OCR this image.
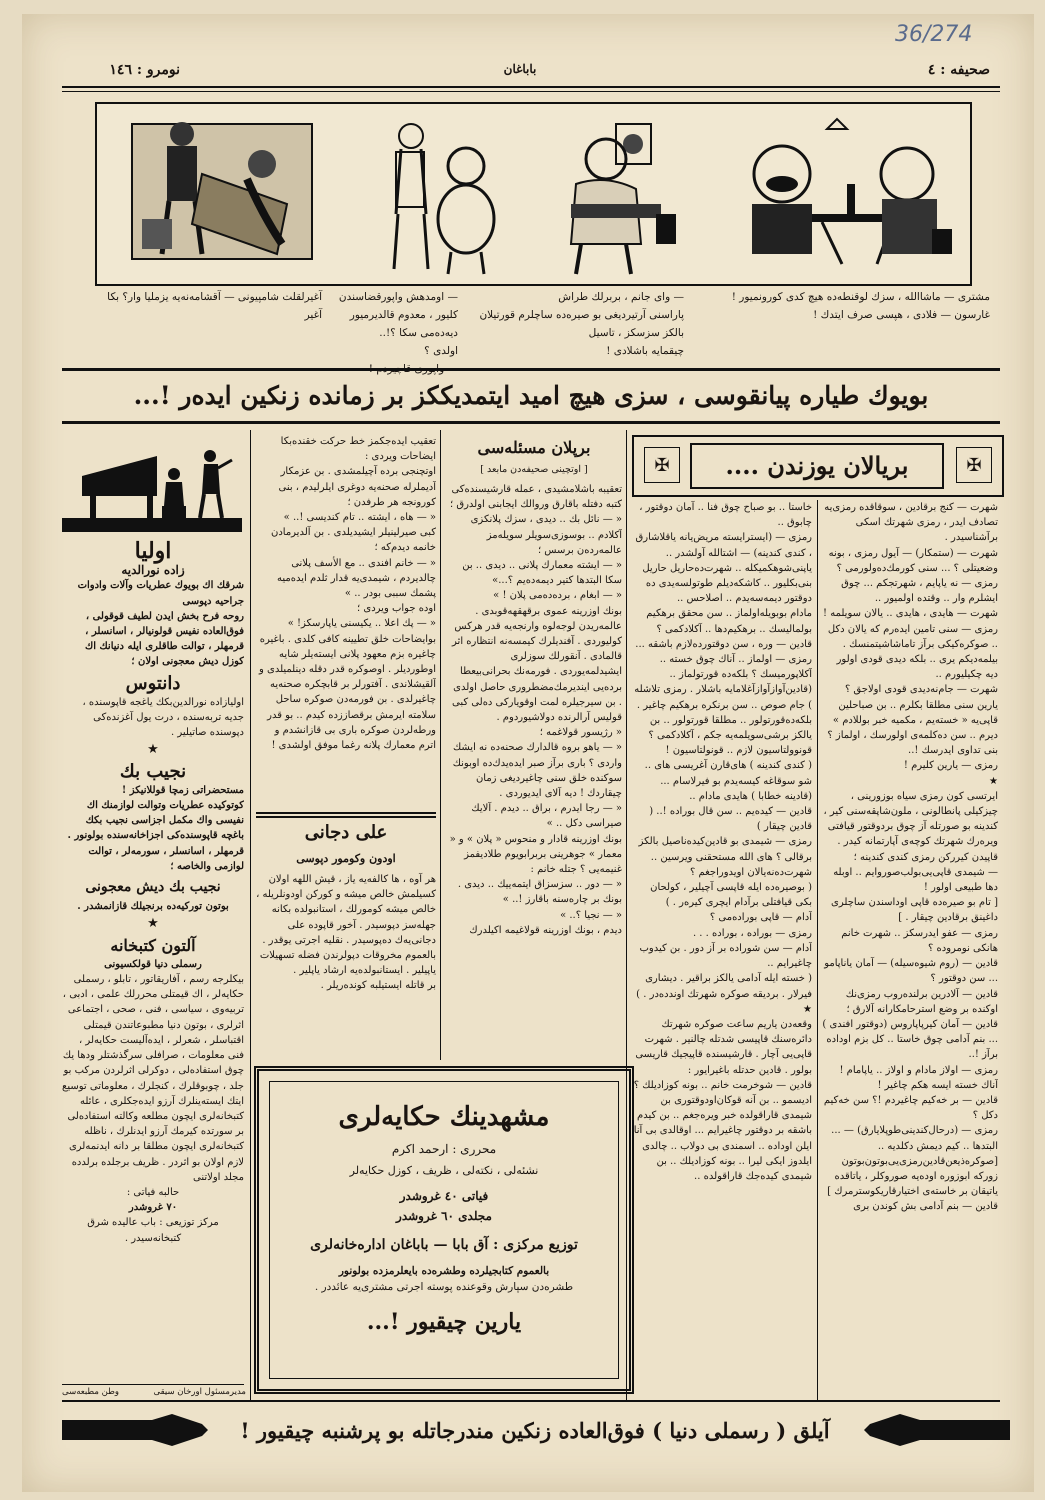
36/274
صحيفه : ٤
باباغان
نومرو : ١٤٦
مشتری — ماشاالله ، سزك لوقنطه‌ده هیچ كدی كورونمیور !
غارسون — فلادی ، هپسی صرف ایتدك !
— وای جانم ، بربرلك طراش
پاراسنی آرتیردیغی بو صیره‌ده ساچلرم قورتیلان بالكز سزسكز ، تاسیل
چیقمایه باشلادی !
— اومدهش واپورقضاسندن
كلیور ، معدوم قالدیرمیور دیه‌ده‌می سكا ؟!..
اولدی ؟
— واپوری قاچیردم !
آغیرلقلت شامپیونی — آقشامه‌نه‌یه یزملیا وار؟ بكا آغیر
بویوك طیاره پیانقوسی ، سزی هیچ امید ایتمدیككز بر زمانده زنكین ایده‌ر !...
✠
بریالان یوزندن ....
✠
شهرت — كنج برقادین ، سوقاقده رمزی‌یه تصادف ایدر ، رمزی شهرتك اسكی برآشناسیدر .
شهرت — (ستمكار) — آیول رمزی ، بونه وضعیتلی ؟ ... سنی كورمك‌ده‌ولورمی ؟
رمزی — نه یاپایم ، شهرتجكم ... چوق ایشلرم وار .. وقتده اولمیور ..
شهرت — هایدی ، هایدی .. یالان سویلمه !
رمزی — سنی تامین ایده‌رم كه یالان دكل .. صوكره‌كیكی برآز تاماشاشیتمنسك . بیلمه‌دیكم یری .. بلكه دیدی قودی اولور دیه چكیلیورم ..
شهرت — جام‌نه‌دیدی قودی اولاجق ؟ یارین سنی مطلقا بكلرم .. بن صباحلین قاپی‌یه « خسته‌یم ، مكمیه خبر بوللادم » دیرم .. سن ده‌كلمه‌ی اولورسك ، اولماز ؟ بنی تداوی ایدرسك !..
رمزی — یارین كلیرم !
★
ایرتسی كون رمزی سیاه بوزورینی ، چیزكیلی پانطالونی ، ملون‌شاپقه‌سنی كیر ، كندینه بو صورتله آز چوق بردوقتور قیافتی ویره‌رك شهرتك كوچه‌ی آپارتمانه كیدر . قاپیدن كیرركن رمزی كندی كندینه ؛
— شیمدی قاپی‌یی‌بولب‌صوروایم .. اوبله دها طبیعی اولور !
[ تام بو صیره‌ده قاپی اوداسندن ساچلری داغینق برقادین چیقار . ]
رمزی — عفو ایدرسكز .. شهرت خانم هانكی نومروده ؟
قادین — (روم شیوه‌سیله) — آمان یاناپامو ... سن دوقتور ؟
قادین — آلادرین برلنده‌روب رمزی‌نك اوكنده بر وضع استرحامكارانه آلارق ؛
قادین — آمان كیرپاپاروس (دوقتور افندی ) ... بنم آدامی چوق خاستا .. كل بزم اوداده برآز !..
رمزی — اولاز مادام و اولاز .. یاپامام ! آناك خسته ایسه هكم چاغیر !
قادین — بر خه‌كیم چاغیردم !؟ سن خه‌كیم دكل ؟
رمزی — (درحال‌كندینی‌طوپلایارق) — ... البتدها .. كیم دیمش دكلدیه ..
[صوكره‌ذیعن‌قادین‌رمزی‌یی‌بوتون‌بوتون‌ زوركه ابوزوره‌ اوده‌یه صوروكلر ، یاتاقده یاتیقان بر خاسته‌ی اختیارقاریكوسترمرك ]
قادین — بنم آدامی بش كوندن بری
خاستا .. بو صباح چوق فنا .. آمان دوقتور ، چابوق ..
رمزی — (ایسترایسته‌ مریض‌یانه‌ یاقلاشارق ، كندی كندینه) — اشتالله آولشدر .. یاپنی‌شوهكمیكله .. شهرت‌ده‌حاریل حاریل بنی‌بكلیور .. كاشكه‌دیلم طوتولسه‌یدی ده دوقتور دیمه‌سه‌یدم .. اصلاحس ..
مادام بوبویله‌اولماز .. سن محقق برهكیم بولمالیسك .. برهكیم‌دها .. آكلادكمی ؟
قادین — وره ، سن دوقتورده‌لازم باشقه ...
رمزی — اولماز .. آناك چوق خسته .. آكلاپورمیسك ؟ بلكه‌ده قورتولماز .. (قادین‌آوازآوازآغلامایه‌ باشلار . رمزی تلاشله ) جام صوص .. سن برنكره برهكیم چاغیر . بلكه‌ده‌قورتولور .. مطلقا قورتولور .. بن یالكز برشی‌سویلمه‌یه‌ جكم ، آكلادكمی ؟ قونوولتاسیون لازم .. قونولتاسیون !
( كندی كندینه ) های‌قارن آغریسی های .. شو سوقاغه كیسه‌یدم بو فیرلاسام ... (قادینه خطابا ) هایدی مادام ..
قادین — كیده‌یم .. سن قال بوراده !.. ( قادین چیقار )
رمزی — شیمدی بو قادین‌كیده‌ناصیل بالكز برقالی ؟ های الله مستحقنی ویرسین .. شهرت‌ده‌نه‌یالان اویدوراجغم ؟
( بوصیره‌ده ایله قاپسی آچیلیر ، كولحان‌ بكی‌ قیافتلی برآدام ایچری كیره‌ر . )
آدام — قاپی‌ بوراده‌می ؟
رمزی — بوراده ، بوراده . . .
آدام — سن شوراده بر آز دور . بن كیدوب چاغیرایم ..
( خسته‌ ایله آدامی یالكز براقیر . دیشاری فیرلار . بردیقه صوكره شهرتك اوندده‌در . )
★
وقعه‌دن یاریم ساعت صوكره شهرتك دائره‌سنك قاپیسی شدتله چالنیر . شهرت قاپی‌یی آچار . قارشیسنده قاپیجیك قاریسی بولور . قادین حدتله باغیرایور :
قادین — شوخرمت خانم .. بونه كوزادیلك ؟ ادیسمو .. بن‌ آنه‌ قوكان‌اودوقتوری بن شیمدی قاراقولده خبر ویره‌جغم .. بن كیدم باشقه بر دوقتور چاغیرایم ... اوقالدی بی آنا ایلن اوداده .. اسمندی بی دولاب .. چالدی ایلدوز ایكی لیرا .. بونه كوزادیلك .. بن شیمدی كیده‌جك قاراقولده ..
برپلان مسئله‌سی
[ اوتچینی صحیفه‌دن ما‌بعد ]
تعقیبه باشلامشیدی ، عمله قارشیسنده‌كی كتبه دفتله باقارق وروالك ایجابنی اولدرق ؛
« — نائل بك .. دیدی ، سزك پلانكزی آكلادم .. بوسوزی‌سویلر سویله‌مز عالمه‌رده‌ن برسس ؛
« — ایشته معمارك‌ پلانی .. دیدی .. بن سكا البتدها كتیر دیمه‌ده‌یم ؟...»
« — ابغام ، برده‌ده‌می پلان ! »
بونك اوزرینه عموی برقهقهه‌قوبدی . عالمه‌ریدن لوجه‌لوه وارنجه‌یه قدر هركس كولیوردی . آفندیلرك كیمسه‌نه انتظاره اثر قالمادی . آنقورلك سوزلری ایشیدلمه‌یوردی . فورمه‌نك بحرانی‌بیعطا برده‌یی ایندیرمك‌مضطروری حاصل اولدی . بن سیرجیلره لمت اوقویاركی ده‌لی كبی قولیس آرالرنده دولاشیوردوم .
« رژیسور قولاغمه ؛
« — یاهو بروه قالدارك صحنه‌ده نه ایشك واردی ؟ باری برآز صبر ایده‌یدك‌ده اوبونك سوكنده خلق سنی چاغیردیغی زمان چیقاردك ! دیه آلای ایدیوردی .
« — رجا ایدرم ، براق .. دیدم . آلایك صیراسی دكل .. »
بونك اوزرینه قادار و منحوس « پلان » و « معمار » جوهرینی بربرابویوم‌ طلادیفمز غنیمه‌یی ؟ جتله خانم :
« — دور .. سزسزاق ایتمه‌ییك .. دیدی . بونك بر چاره‌سنه باقارز !.. »
« — نجیا ؟.. »
دیدم ، بونك اوزرینه قولاغیمه اكیلدرك
تعقیب ایده‌جكمز خط حركت خقنده‌بكا ایضاحات ویردی :
اوتچنجی برده آچیلمشدی . بن عزمكار آدیملرله صحنه‌یه دوغری ایلرلیدم ، بنی كورونجه هر طرفدن ؛
« — هاه ، ایشته .. تام كندیسی !.. »
كبی صیرلینیلر ایشیدیلدی . بن آلدیرمادن خانمه دیدم‌كه ؛
« — خانم افندی .. مع الأسف پلانی چالدیردم ، شیمدی‌یه قدار ثلدم ایده‌میه پشمك سببی بودر .. »
اوده جواب ویردی ؛
« — پك اعلا .. یكیسنی یاپارسكز! »
بوایضاحات خلق تطیینه كافی كلدی . باغیره چاغیره بزم معهود پلانی ایسته‌یلر شایه اوطوردیلر . اوصوكره قدر دقله دینلمیلدی و آلقیشلاندی . آفتورلر بر قابچكره صحنه‌یه چاغیرلدی . بن فورمه‌دن صوكره ساحل سلامته ایرمش برقصاززده كیدم .. بو قدر ورطه‌لردن صوكره باری بی قازانشدم و اترم معمارك پلانه رغما موفق اولشدی !
علی دجانی
اودون وكومور دپوسی
هر آوه ، ها كالفه‌یه یاز ، قیش اللهه اولان كسیلمش خالص میشه و كوركن اودونلریله ، خالص میشه كومورلك ، استانبولده بكانه جهله‌سز دپوسیدر . آخور قاپوده علی دجانی‌یه‌ك ده‌پوسیدر . نقلیه اجرتی یوقدر .
بالعموم مخروقات دپولرندن فضله تسهیلات یاپیلیر . ایستانبولده‌یه ارشاد یاپلیر .
بر قاتله ایستیلبه كونده‌ریلر .
اولیا
زاده نورالدیه
شرقك اك بویوك عطریات وآلات وادوات جراحیه دپوسی
روحه فرح بخش ایدن لطیف قوقولی ، فوق‌العاده نفیس قولونیالر ، اسانسلر ، قرمهلر ، توالت طاقلری ایله دنیانك اك كوزل دیش معجونی اولان ؛
دانتوس
اولیازاده نورالدین‌بكك یاغجه قاپوسنده ، جدیه تربه‌سنده ، درت یول آغزنده‌كی دپوسنده صاتیلیر .
★
نجیب بك
مستحضراتی زمچا قوللانیكز !
كوتوكیده عطریات وتوالت لوازمنك اك نفیسی واك مكمل اجزاسی نجیب بكك باغچه قاپوسنده‌كی اجزاخانه‌سنده بولونور . قرمهلر ، اسانسلر ، سورمه‌لر ، توالت لوازمی والخاصه ؛
نجیب بك دیش معجونی
بوتون توركیه‌ده برنجیلك قازانمشدر .
★
آلتون كتبخانه
رسملی دنیا قولكسیونی
بیكلرجه رسم ، آفاریقاتور ، تابلو ، رسملی حكایه‌لر ، اك قیمتلی محررلك علمی ، ادبی ، تربیه‌وی ، سیاسی ، فنی ، صحی ، اجتماعی اثرلری ، بوتون دنیا مطبوعاتندن قیمتلی اقتباسلر ، شعرلر ، ایده‌آلیست حكایه‌لر ، فنی معلومات ، صرافلی سرگذشتلر ودها یك چوق استفاده‌لی ، دوكرلی اثرلردن مركب بو جلد ، چوبوقلرك ، كنجلرك ، معلوماتی توسیع ایتك ایسته‌ینلرك آرزو ایده‌جكلری ، عائله كتبخانه‌لری ایچون مطلعه وكالته استفاده‌لی بر سورتده كیرمك آرزو ایدنلرك ، ناظله كتبخانه‌لری ایچون مطلقا بر دانه ایدنمه‌لری لازم اولان بو اثردر . ظریف برجلده برلدده مجلد اولاتنی
حالبه فیاتی :
٧٠ غروشدر
مركز توزیعی : باب عالیده شرق كتبخانه‌سیدر .
وطن مطبعه‌سی	مدیرمسئول اورخان سیقی
مشهدینك حكایه‌لری
محرری : ارحمد اكرم
نشئه‌لی ، نكته‌لی ، ظریف ، كوزل حكایه‌لر
فیاتی ٤٠ غروشدر
مجلدی ٦٠ غروشدر
توزیع مركزی : آق بابا — باباغان اداره‌خانه‌لری
بالعموم كتابجیلرده وطشره‌ده بایعلرمزده بولونور
طشره‌دن سپارش وقوعنده پوسته اجرتی مشتری‌یه عائددر .
یارین چیقیور !...
آیلق ( رسملی دنیا ) فوق‌العاده زنكین مندرجاتله بو پرشنبه چیقیور !
